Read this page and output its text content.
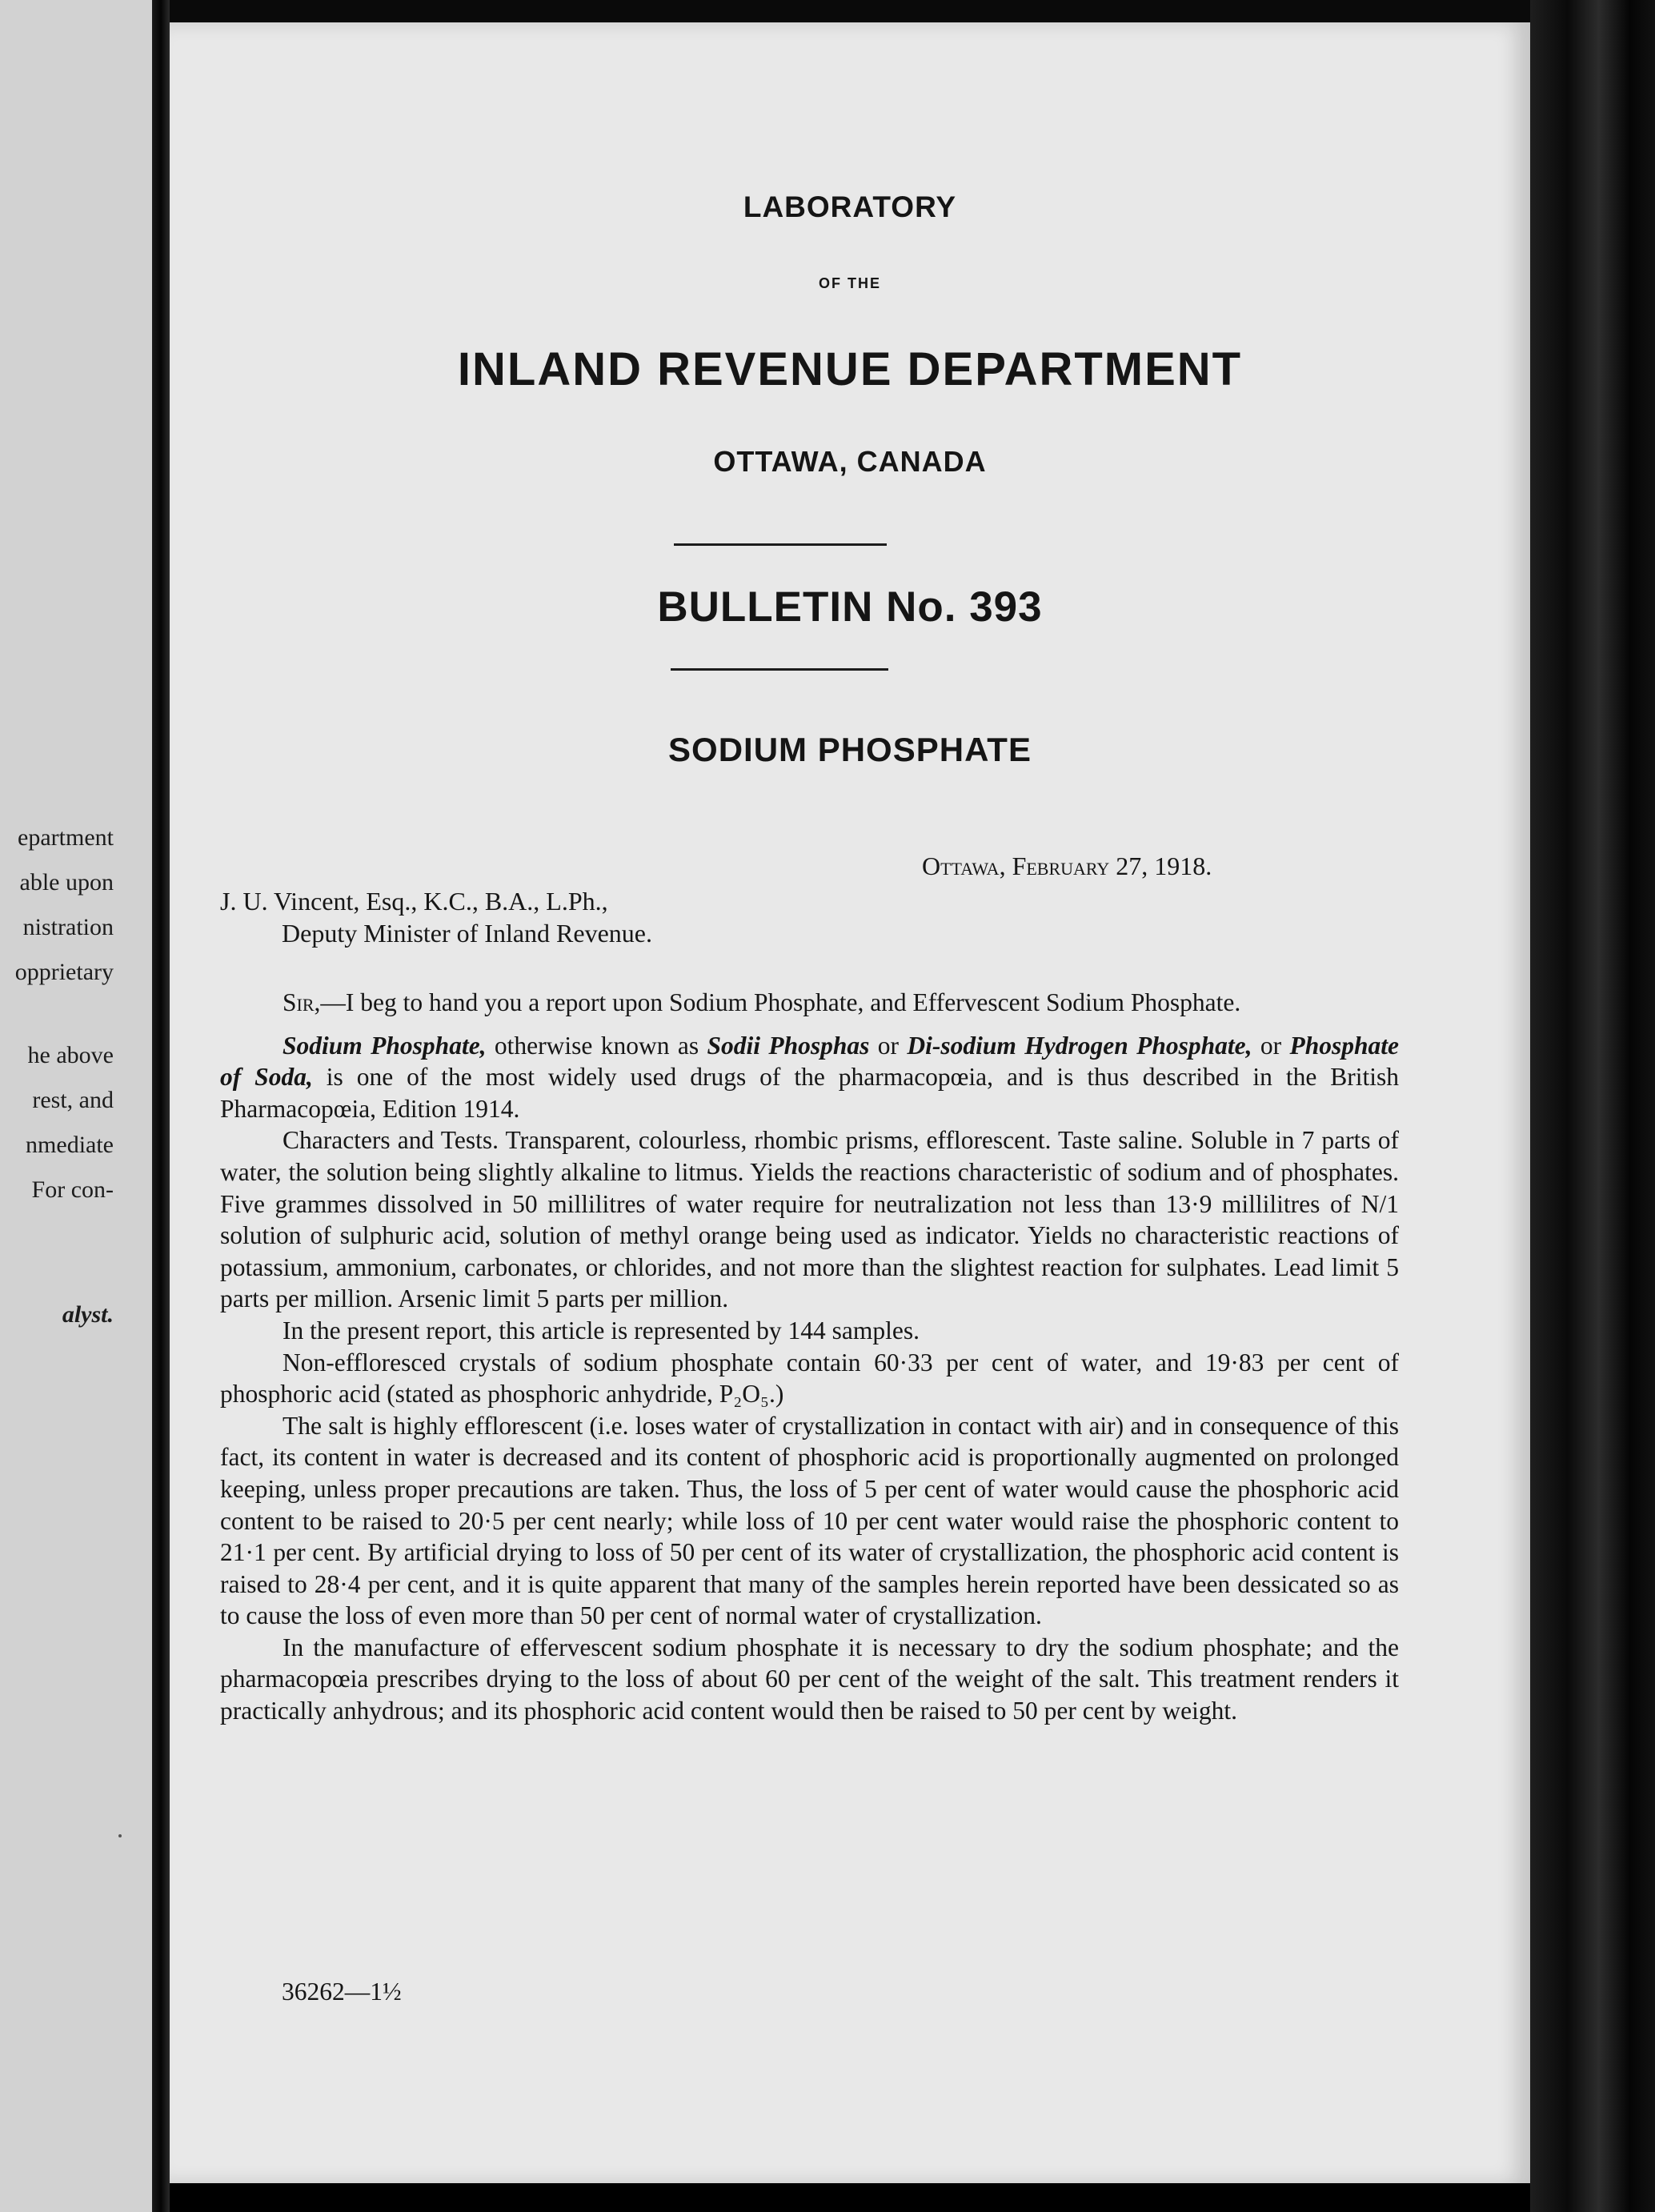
epartment
able upon
nistration
opprietary
he above
rest, and
nmediate
For con-
alyst.
LABORATORY
OF THE
INLAND REVENUE DEPARTMENT
OTTAWA, CANADA
BULLETIN No. 393
SODIUM PHOSPHATE
Ottawa, February 27, 1918.
J. U. Vincent, Esq., K.C., B.A., L.Ph.,
Deputy Minister of Inland Revenue.

Sir,—I beg to hand you a report upon Sodium Phosphate, and Effervescent Sodium Phosphate.

Sodium Phosphate, otherwise known as Sodii Phosphas or Di-sodium Hydrogen Phosphate, or Phosphate of Soda, is one of the most widely used drugs of the pharmacopœia, and is thus described in the British Pharmacopœia, Edition 1914.

Characters and Tests. Transparent, colourless, rhombic prisms, efflorescent. Taste saline. Soluble in 7 parts of water, the solution being slightly alkaline to litmus. Yields the reactions characteristic of sodium and of phosphates. Five grammes dissolved in 50 millilitres of water require for neutralization not less than 13·9 millilitres of N/1 solution of sulphuric acid, solution of methyl orange being used as indicator. Yields no characteristic reactions of potassium, ammonium, carbonates, or chlorides, and not more than the slightest reaction for sulphates. Lead limit 5 parts per million. Arsenic limit 5 parts per million.

In the present report, this article is represented by 144 samples.

Non-effloresced crystals of sodium phosphate contain 60·33 per cent of water, and 19·83 per cent of phosphoric acid (stated as phosphoric anhydride, P₂O₅.)

The salt is highly efflorescent (i.e. loses water of crystallization in contact with air) and in consequence of this fact, its content in water is decreased and its content of phosphoric acid is proportionally augmented on prolonged keeping, unless proper precautions are taken. Thus, the loss of 5 per cent of water would cause the phosphoric acid content to be raised to 20·5 per cent nearly; while loss of 10 per cent water would raise the phosphoric content to 21·1 per cent. By artificial drying to loss of 50 per cent of its water of crystallization, the phosphoric acid content is raised to 28·4 per cent, and it is quite apparent that many of the samples herein reported have been dessicated so as to cause the loss of even more than 50 per cent of normal water of crystallization.

In the manufacture of effervescent sodium phosphate it is necessary to dry the sodium phosphate; and the pharmacopœia prescribes drying to the loss of about 60 per cent of the weight of the salt. This treatment renders it practically anhydrous; and its phosphoric acid content would then be raised to 50 per cent by weight.

36262—1½
